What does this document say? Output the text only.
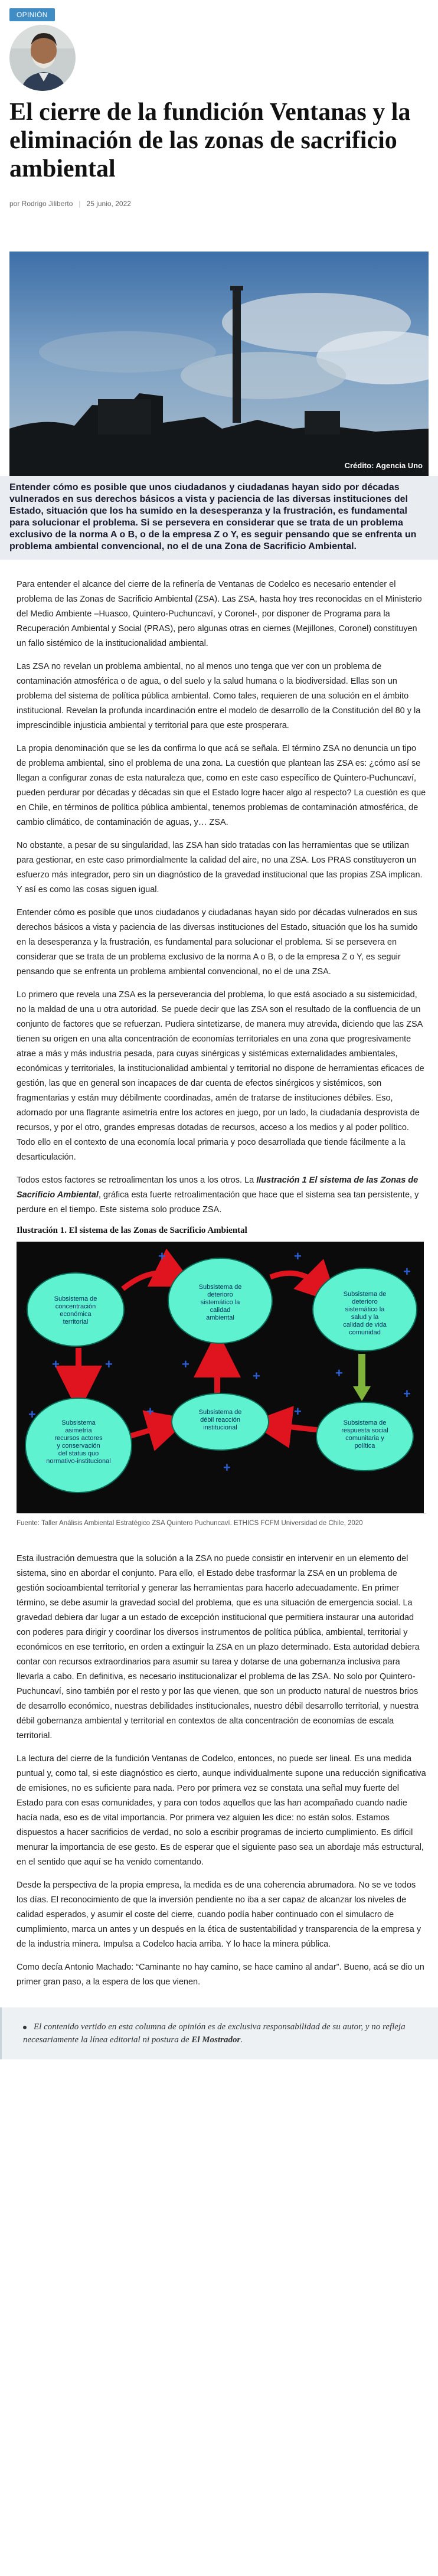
OPINIÓN
El cierre de la fundición Ventanas y la eliminación de las zonas de sacrificio ambiental
por Rodrigo Jiliberto | 25 junio, 2022
Crédito: Agencia Uno
Entender cómo es posible que unos ciudadanos y ciudadanas hayan sido por décadas vulnerados en sus derechos básicos a vista y paciencia de las diversas instituciones del Estado, situación que los ha sumido en la desesperanza y la frustración, es fundamental para solucionar el problema. Si se persevera en considerar que se trata de un problema exclusivo de la norma A o B, o de la empresa Z o Y, es seguir pensando que se enfrenta un problema ambiental convencional, no el de una Zona de Sacrificio Ambiental.

Para entender el alcance del cierre de la refinería de Ventanas de Codelco es necesario entender el problema de las Zonas de Sacrificio Ambiental (ZSA). Las ZSA, hasta hoy tres reconocidas en el Ministerio del Medio Ambiente –Huasco, Quintero-Puchuncaví, y Coronel-, por disponer de Programa para la Recuperación Ambiental y Social (PRAS), pero algunas otras en ciernes (Mejillones, Coronel) constituyen un fallo sistémico de la institucionalidad ambiental.

Las ZSA no revelan un problema ambiental, no al menos uno tenga que ver con un problema de contaminación atmosférica o de agua, o del suelo y la salud humana o la biodiversidad. Ellas son un problema del sistema de política pública ambiental. Como tales, requieren de una solución en el ámbito institucional. Revelan la profunda incardinación entre el modelo de desarrollo de la Constitución del 80 y la imprescindible injusticia ambiental y territorial para que este prosperara.

La propia denominación que se les da confirma lo que acá se señala. El término ZSA no denuncia un tipo de problema ambiental, sino el problema de una zona. La cuestión que plantean las ZSA es: ¿cómo así se llegan a configurar zonas de esta naturaleza que, como en este caso específico de Quintero-Puchuncaví, pueden perdurar por décadas y décadas sin que el Estado logre hacer algo al respecto? La cuestión es que en Chile, en términos de política pública ambiental, tenemos problemas de contaminación atmosférica, de cambio climático, de contaminación de aguas, y… ZSA.

No obstante, a pesar de su singularidad, las ZSA han sido tratadas con las herramientas que se utilizan para gestionar, en este caso primordialmente la calidad del aire, no una ZSA. Los PRAS constituyeron un esfuerzo más integrador, pero sin un diagnóstico de la gravedad institucional que las propias ZSA implican. Y así es como las cosas siguen igual.

Entender cómo es posible que unos ciudadanos y ciudadanas hayan sido por décadas vulnerados en sus derechos básicos a vista y paciencia de las diversas instituciones del Estado, situación que los ha sumido en la desesperanza y la frustración, es fundamental para solucionar el problema. Si se persevera en considerar que se trata de un problema exclusivo de la norma A o B, o de la empresa Z o Y, es seguir pensando que se enfrenta un problema ambiental convencional, no el de una ZSA.

Lo primero que revela una ZSA es la perseverancia del problema, lo que está asociado a su sistemicidad, no la maldad de una u otra autoridad. Se puede decir que las ZSA son el resultado de la confluencia de un conjunto de factores que se refuerzan. Pudiera sintetizarse, de manera muy atrevida, diciendo que las ZSA tienen su origen en una alta concentración de economías territoriales en una zona que progresivamente atrae a más y más industria pesada, para cuyas sinérgicas y sistémicas externalidades ambientales, económicas y territoriales, la institucionalidad ambiental y territorial no dispone de herramientas eficaces de gestión, las que en general son incapaces de dar cuenta de efectos sinérgicos y sistémicos, son fragmentarias y están muy débilmente coordinadas, amén de tratarse de instituciones débiles. Eso, adornado por una flagrante asimetría entre los actores en juego, por un lado, la ciudadanía desprovista de recursos, y por el otro, grandes empresas dotadas de recursos, acceso a los medios y al poder político. Todo ello en el contexto de una economía local primaria y poco desarrollada que tiende fácilmente a la desarticulación.

Todos estos factores se retroalimentan los unos a los otros. La Ilustración 1 El sistema de las Zonas de Sacrificio Ambiental, gráfica esta fuerte retroalimentación que hace que el sistema sea tan persistente, y perdure en el tiempo. Este sistema solo produce ZSA.

Ilustración 1. El sistema de las Zonas de Sacrificio Ambiental
Subsistema de concentración económica territorial
Subsistema de deterioro sistemático la calidad ambiental
Subsistema de deterioro sistemático la salud y la calidad de vida comunidad
Subsistema asimetría recursos actores y conservación del status quo normativo-institucional
Subsistema de débil reacción institucional
Subsistema de respuesta social comunitaria y política
+	+
+
+	+	+
+	+
+	+
+
+
+
Fuente: Taller Análisis Ambiental Estratégico ZSA Quintero Puchuncaví. ETHICS FCFM Universidad de Chile, 2020

Esta ilustración demuestra que la solución a la ZSA no puede consistir en intervenir en un elemento del sistema, sino en abordar el conjunto. Para ello, el Estado debe trasformar la ZSA en un problema de gestión socioambiental territorial y generar las herramientas para hacerlo adecuadamente. En primer término, se debe asumir la gravedad social del problema, que es una situación de emergencia social. La gravedad debiera dar lugar a un estado de excepción institucional que permitiera instaurar una autoridad con poderes para dirigir y coordinar los diversos instrumentos de política pública, ambiental, territorial y económicos en ese territorio, en orden a extinguir la ZSA en un plazo determinado. Esta autoridad debiera contar con recursos extraordinarios para asumir su tarea y dotarse de una gobernanza inclusiva para llevarla a cabo. En definitiva, es necesario institucionalizar el problema de las ZSA. No solo por Quintero-Puchuncaví, sino también por el resto y por las que vienen, que son un producto natural de nuestros brios de desarrollo económico, nuestras debilidades institucionales, nuestro débil desarrollo territorial, y nuestra débil gobernanza ambiental y territorial en contextos de alta concentración de economías de escala territorial.

La lectura del cierre de la fundición Ventanas de Codelco, entonces, no puede ser lineal. Es una medida puntual y, como tal, si este diagnóstico es cierto, aunque individualmente supone una reducción significativa de emisiones, no es suficiente para nada. Pero por primera vez se constata una señal muy fuerte del Estado para con esas comunidades, y para con todos aquellos que las han acompañado cuando nadie hacía nada, eso es de vital importancia. Por primera vez alguien les dice: no están solos. Estamos dispuestos a hacer sacrificios de verdad, no solo a escribir programas de incierto cumplimiento. Es difícil menurar la importancia de ese gesto. Es de esperar que el siguiente paso sea un abordaje más estructural, en el sentido que aquí se ha venido comentando.

Desde la perspectiva de la propia empresa, la medida es de una coherencia abrumadora. No se ve todos los días. El reconocimiento de que la inversión pendiente no iba a ser capaz de alcanzar los niveles de calidad esperados, y asumir el coste del cierre, cuando podía haber continuado con el simulacro de cumplimiento, marca un antes y un después en la ética de sustentabilidad y transparencia de la empresa y de la industria minera. Impulsa a Codelco hacia arriba. Y lo hace la minera pública.

Como decía Antonio Machado: “Caminante no hay camino, se hace camino al andar”. Bueno, acá se dio un primer gran paso, a la espera de los que vienen.

El contenido vertido en esta columna de opinión es de exclusiva responsabilidad de su autor, y no refleja necesariamente la línea editorial ni postura de El Mostrador.
